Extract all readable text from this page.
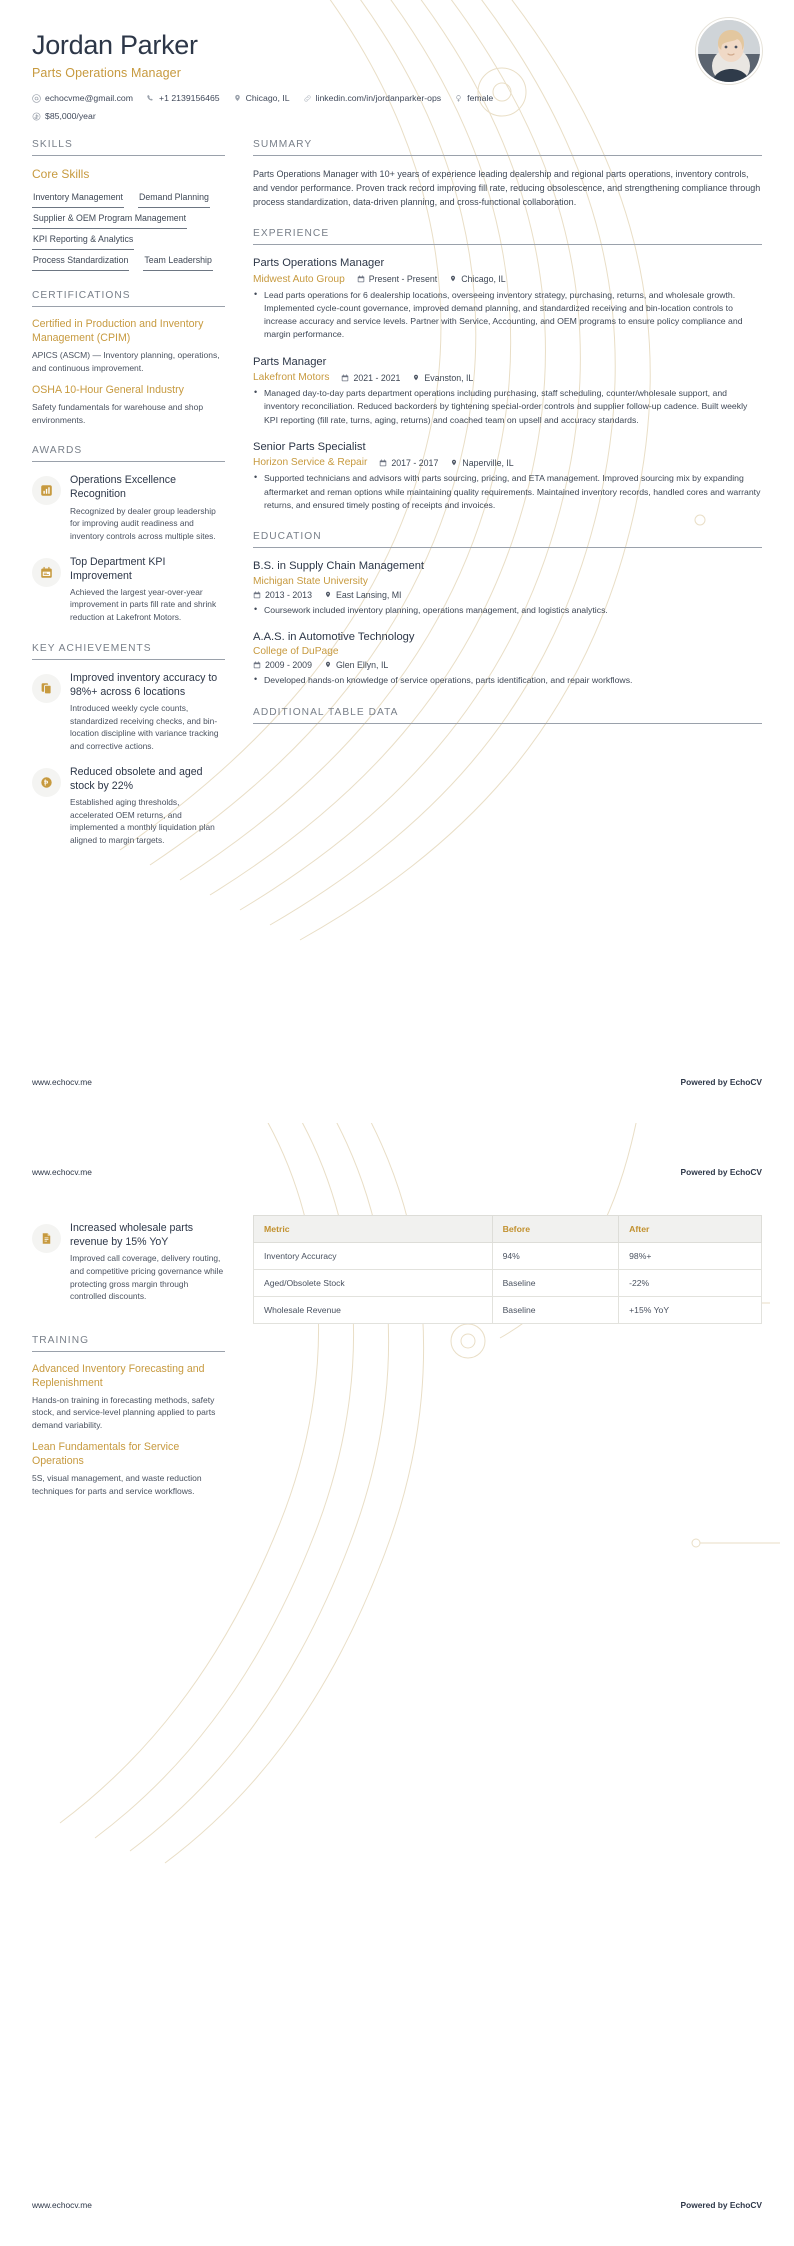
Jordan Parker
Parts Operations Manager
echocvme@gmail.com	+1 2139156465	Chicago, IL	linkedin.com/in/jordanparker-ops	female
$85,000/year
SKILLS
Core Skills
Inventory Management Demand Planning
Supplier & OEM Program Management
KPI Reporting & Analytics
Process Standardization Team Leadership
CERTIFICATIONS
Certified in Production and Inventory Management (CPIM)
APICS (ASCM) — Inventory planning, operations, and continuous improvement.
OSHA 10-Hour General Industry
Safety fundamentals for warehouse and shop environments.
AWARDS
Operations Excellence Recognition
Recognized by dealer group leadership for improving audit readiness and inventory controls across multiple sites.
Top Department KPI Improvement
Achieved the largest year-over-year improvement in parts fill rate and shrink reduction at Lakefront Motors.
KEY ACHIEVEMENTS
Improved inventory accuracy to 98%+ across 6 locations
Introduced weekly cycle counts, standardized receiving checks, and bin-location discipline with variance tracking and corrective actions.
Reduced obsolete and aged stock by 22%
Established aging thresholds, accelerated OEM returns, and implemented a monthly liquidation plan aligned to margin targets.
SUMMARY
Parts Operations Manager with 10+ years of experience leading dealership and regional parts operations, inventory controls, and vendor performance. Proven track record improving fill rate, reducing obsolescence, and strengthening compliance through process standardization, data-driven planning, and cross-functional collaboration.
EXPERIENCE
Parts Operations Manager
Midwest Auto Group	Present - Present	Chicago, IL
• Lead parts operations for 6 dealership locations, overseeing inventory strategy, purchasing, returns, and wholesale growth. Implemented cycle-count governance, improved demand planning, and standardized receiving and bin-location controls to increase accuracy and service levels. Partner with Service, Accounting, and OEM programs to ensure policy compliance and margin performance.
Parts Manager
Lakefront Motors	2021 - 2021	Evanston, IL
• Managed day-to-day parts department operations including purchasing, staff scheduling, counter/wholesale support, and inventory reconciliation. Reduced backorders by tightening special-order controls and supplier follow-up cadence. Built weekly KPI reporting (fill rate, turns, aging, returns) and coached team on upsell and accuracy standards.
Senior Parts Specialist
Horizon Service & Repair	2017 - 2017	Naperville, IL
• Supported technicians and advisors with parts sourcing, pricing, and ETA management. Improved sourcing mix by expanding aftermarket and reman options while maintaining quality requirements. Maintained inventory records, handled cores and warranty returns, and ensured timely posting of receipts and invoices.
EDUCATION
B.S. in Supply Chain Management
Michigan State University
2013 - 2013	East Lansing, MI
• Coursework included inventory planning, operations management, and logistics analytics.
A.A.S. in Automotive Technology
College of DuPage
2009 - 2009	Glen Ellyn, IL
• Developed hands-on knowledge of service operations, parts identification, and repair workflows.
ADDITIONAL TABLE DATA
www.echocv.me	Powered by EchoCV
Increased wholesale parts revenue by 15% YoY
Improved call coverage, delivery routing, and competitive pricing governance while protecting gross margin through controlled discounts.
TRAINING
Advanced Inventory Forecasting and Replenishment
Hands-on training in forecasting methods, safety stock, and service-level planning applied to parts demand variability.
Lean Fundamentals for Service Operations
5S, visual management, and waste reduction techniques for parts and service workflows.
Metric	Before	After
Inventory Accuracy	94%	98%+
Aged/Obsolete Stock	Baseline	-22%
Wholesale Revenue	Baseline	+15% YoY
www.echocv.me	Powered by EchoCV
www.echocv.me	Powered by EchoCV
